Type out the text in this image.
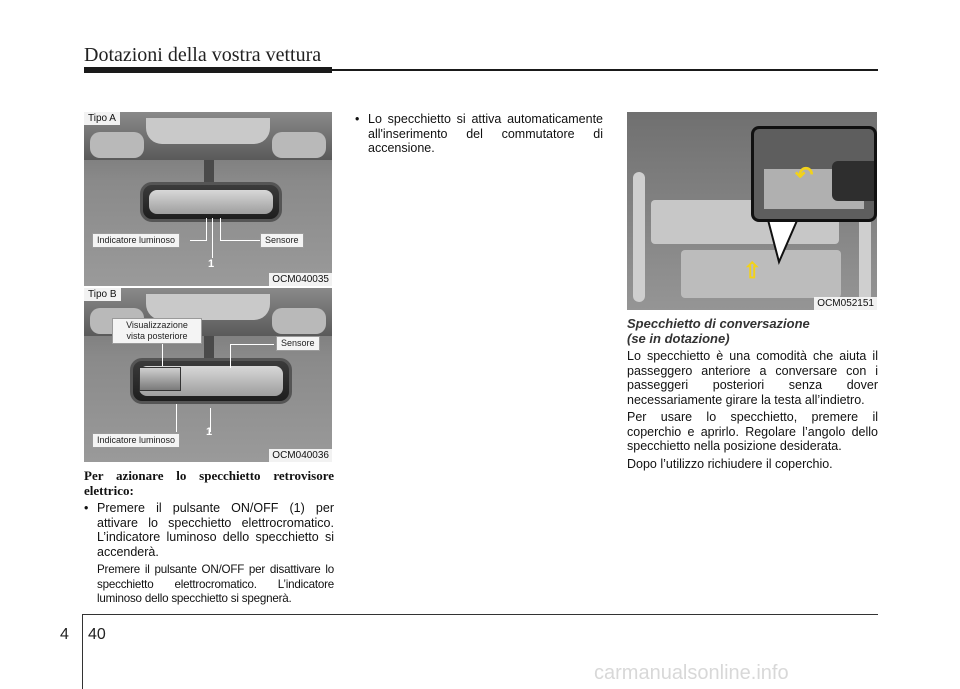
Dotazioni della vostra vettura
Tipo A
Indicatore luminoso	Sensore
1
OCM040035
Tipo B
Visualizzazione vista posteriore
Sensore
Indicatore luminoso
1
OCM040036
↶
⇧
OCM052151

Per azionare lo specchietto retrovisore elettrico:

• Premere il pulsante ON/OFF (1) per attivare lo specchietto elettrocromatico. L’indicatore luminoso dello specchietto si accenderà.
Premere il pulsante ON/OFF per disattivare lo specchietto elettrocromatico. L’indicatore luminoso dello specchietto si spegnerà.
• Lo specchietto si attiva automaticamente all'inserimento del commutatore di accensione.
Specchietto di conversazione
(se in dotazione)

Lo specchietto è una comodità che aiuta il passeggero anteriore a conversare con i passeggeri posteriori senza dover necessariamente girare la testa all’indietro.

Per usare lo specchietto, premere il coperchio e aprirlo. Regolare l’angolo dello specchietto nella posizione desiderata.

Dopo l’utilizzo richiudere il coperchio.

4 40
carmanualsonline.info
